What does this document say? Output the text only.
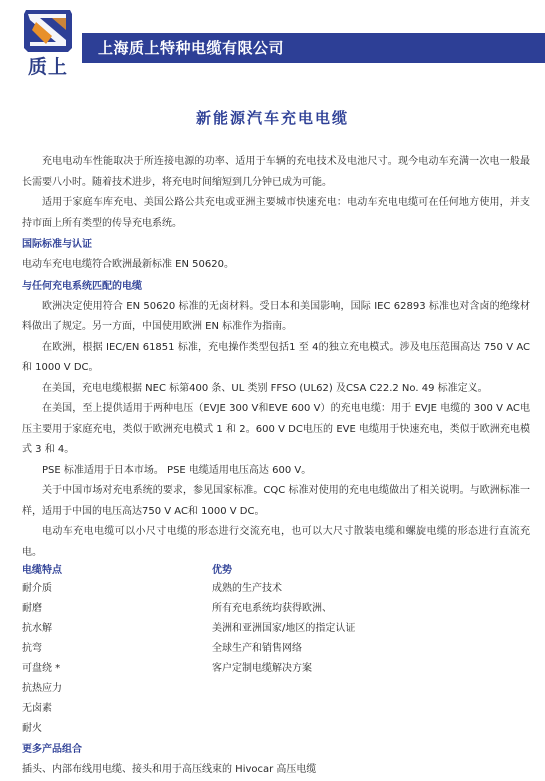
质上
上海质上特种电缆有限公司
新能源汽车充电电缆

充电电动车性能取决于所连接电源的功率、适用于车辆的充电技术及电池尺寸。现今电动车充满一次电一般最长需要八小时。随着技术进步，将充电时间缩短到几分钟已成为可能。

适用于家庭车库充电、美国公路公共充电或亚洲主要城市快速充电：电动车充电电缆可在任何地方使用，并支持市面上所有类型的传导充电系统。

国际标准与认证
电动车充电电缆符合欧洲最新标准 EN 50620。
与任何充电系统匹配的电缆

欧洲决定使用符合 EN 50620 标准的无卤材料。受日本和美国影响，国际 IEC 62893 标准也对含卤的绝缘材料做出了规定。另一方面，中国使用欧洲 EN 标准作为指南。

在欧洲，根据 IEC/EN 61851 标准，充电操作类型包括1 至 4的独立充电模式。涉及电压范围高达 750 V AC 和 1000 V DC。

在美国，充电电缆根据 NEC 标第400 条、UL 类别 FFSO (UL62) 及CSA C22.2 No. 49 标准定义。

在美国，至上提供适用于两种电压（EVJE 300 V和EVE 600 V）的充电电缆：用于 EVJE 电缆的 300 V AC电压主要用于家庭充电，类似于欧洲充电模式 1 和 2。600 V DC电压的 EVE 电缆用于快速充电，类似于欧洲充电模式 3 和 4。

PSE 标准适用于日本市场。 PSE 电缆适用电压高达 600 V。

关于中国市场对充电系统的要求，参见国家标准。CQC 标准对使用的充电电缆做出了相关说明。与欧洲标准一样，适用于中国的电压高达750 V AC和 1000 V DC。

电动车充电电缆可以小尺寸电缆的形态进行交流充电，也可以大尺寸散装电缆和螺旋电缆的形态进行直流充电。

电缆特点
耐介质
耐磨
抗水解
抗弯
可盘绕 *
抗热应力
无卤素
耐火
优势
成熟的生产技术
所有充电系统均获得欧洲、
美洲和亚洲国家/地区的指定认证
全球生产和销售网络
客户定制电缆解决方案
更多产品组合
插头、内部布线用电缆、接头和用于高压线束的 Hivocar 高压电缆
